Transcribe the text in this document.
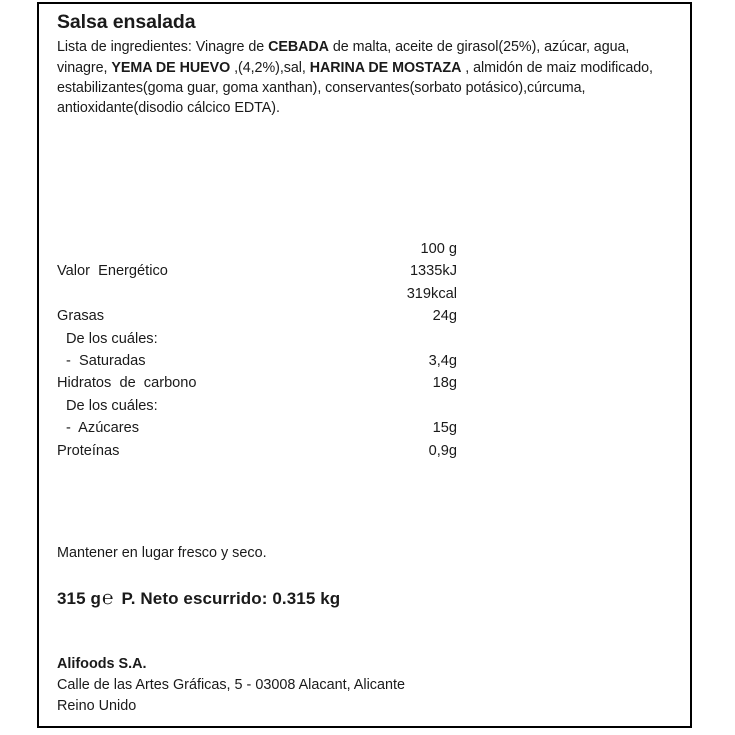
Salsa ensalada

Lista de ingredientes: Vinagre de CEBADA de malta, aceite de girasol(25%), azúcar, agua, vinagre, YEMA DE HUEVO ,(4,2%),sal, HARINA DE MOSTAZA , almidón de maiz modificado, estabilizantes(goma guar, goma xanthan), conservantes(sorbato potásico),cúrcuma, antioxidante(disodio cálcico EDTA).

100 g
Valor  Energético	1335kJ
319kcal
Grasas	24g
De los cuáles:
-  Saturadas	3,4g
Hidratos  de  carbono	18g
De los cuáles:
-  Azúcares	15g
Proteínas	0,9g
Mantener en lugar fresco y seco.
315 g ℮ P. Neto escurrido: 0.315 kg
Alifoods S.A.
Calle de las Artes Gráficas, 5 - 03008 Alacant, Alicante
Reino Unido
